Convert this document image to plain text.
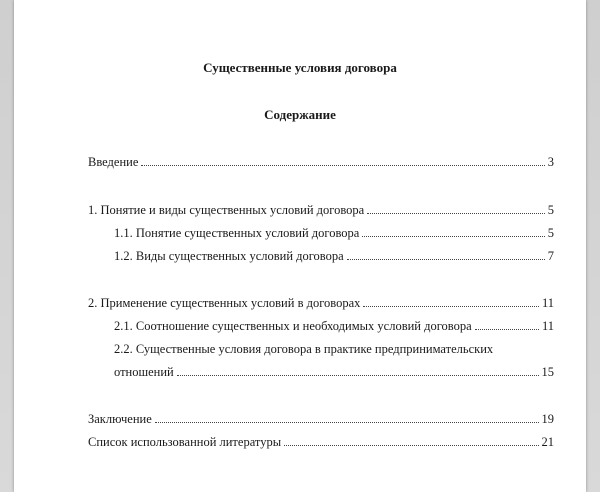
Существенные условия договора
Содержание
Введение	3
1. Понятие и виды существенных условий договора	5
1.1. Понятие существенных условий договора	5
1.2. Виды существенных условий договора	7
2. Применение существенных условий в договорах	11
2.1. Соотношение существенных и необходимых условий договора	11
2.2. Существенные условия договора в практике предпринимательских
отношений	15
Заключение	19
Список использованной литературы	21
